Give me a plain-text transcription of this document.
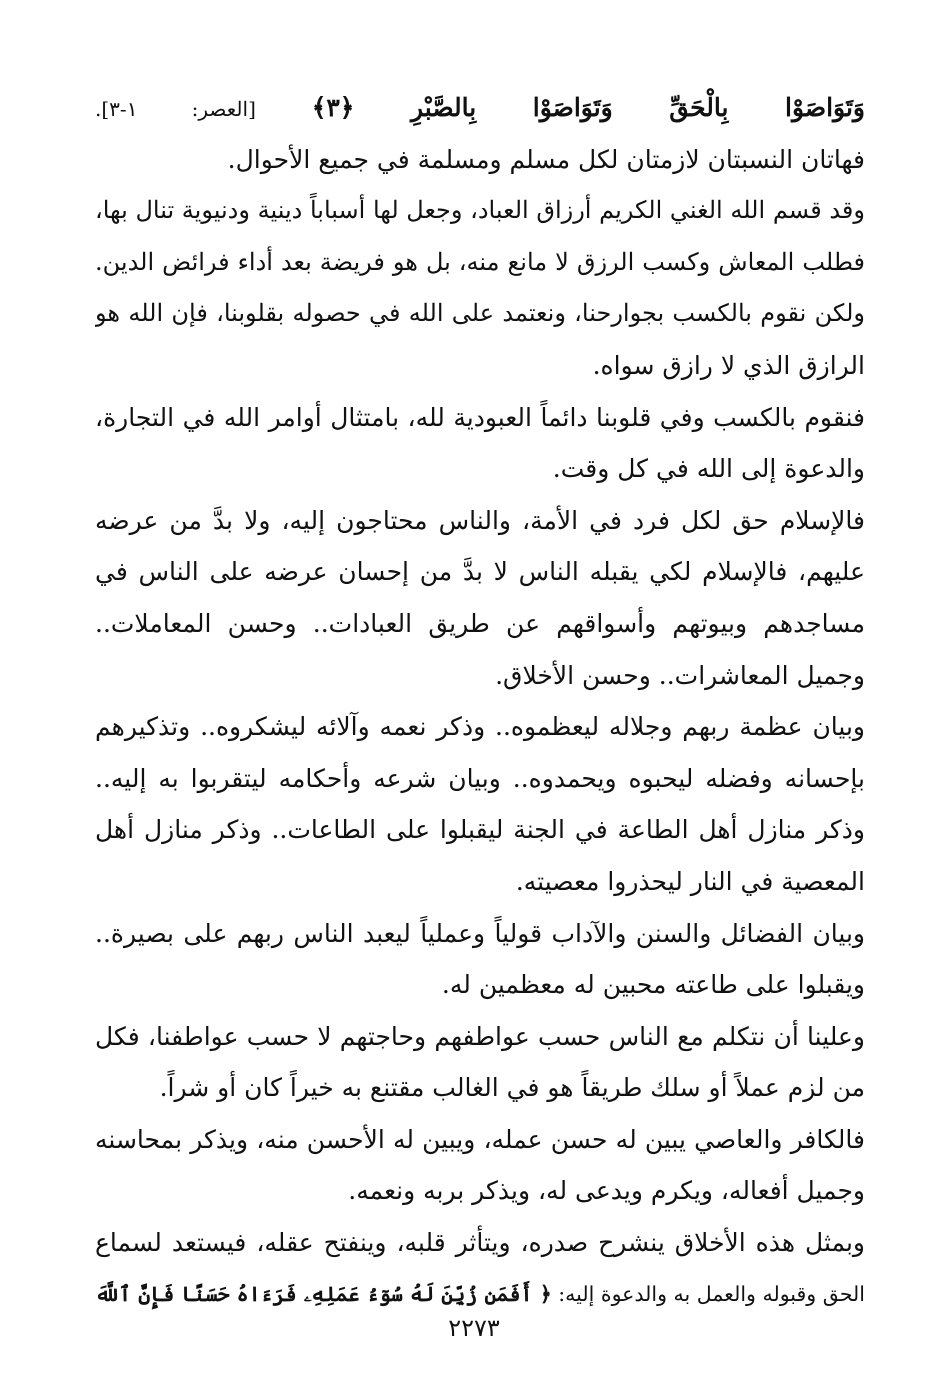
وَتَوَاصَوْا بِالْحَقِّ وَتَوَاصَوْا بِالصَّبْرِ ﴿٣﴾ [العصر: ١-٣].
فهاتان النسبتان لازمتان لكل مسلم ومسلمة في جميع الأحوال.
وقد قسم الله الغني الكريم أرزاق العباد، وجعل لها أسباباً دينية ودنيوية تنال بها،
فطلب المعاش وكسب الرزق لا مانع منه، بل هو فريضة بعد أداء فرائض الدين.
ولكن نقوم بالكسب بجوارحنا، ونعتمد على الله في حصوله بقلوبنا، فإن الله هو
الرازق الذي لا رازق سواه.
فنقوم بالكسب وفي قلوبنا دائماً العبودية لله، بامتثال أوامر الله في التجارة،
والدعوة إلى الله في كل وقت.
فالإسلام حق لكل فرد في الأمة، والناس محتاجون إليه، ولا بدَّ من عرضه
عليهم، فالإسلام لكي يقبله الناس لا بدَّ من إحسان عرضه على الناس في
مساجدهم وبيوتهم وأسواقهم عن طريق العبادات.. وحسن المعاملات..
وجميل المعاشرات.. وحسن الأخلاق.
وبيان عظمة ربهم وجلاله ليعظموه.. وذكر نعمه وآلائه ليشكروه.. وتذكيرهم
بإحسانه وفضله ليحبوه ويحمدوه.. وبيان شرعه وأحكامه ليتقربوا به إليه..
وذكر منازل أهل الطاعة في الجنة ليقبلوا على الطاعات.. وذكر منازل أهل
المعصية في النار ليحذروا معصيته.
وبيان الفضائل والسنن والآداب قولياً وعملياً ليعبد الناس ربهم على بصيرة..
ويقبلوا على طاعته محبين له معظمين له.
وعلينا أن نتكلم مع الناس حسب عواطفهم وحاجتهم لا حسب عواطفنا، فكل
من لزم عملاً أو سلك طريقاً هو في الغالب مقتنع به خيراً كان أو شراً.
فالكافر والعاصي يبين له حسن عمله، ويبين له الأحسن منه، ويذكر بمحاسنه
وجميل أفعاله، ويكرم ويدعى له، ويذكر بربه ونعمه.
وبمثل هذه الأخلاق ينشرح صدره، ويتأثر قلبه، وينفتح عقله، فيستعد لسماع
الحق وقبوله والعمل به والدعوة إليه: ﴿ أَفَمَن زُيِّنَ لَهُ سُوٓءُ عَمَلِهِۦ فَرَءَاهُ حَسَنًا فَإِنَّ ٱللَّهَ
٢٢٧٣
